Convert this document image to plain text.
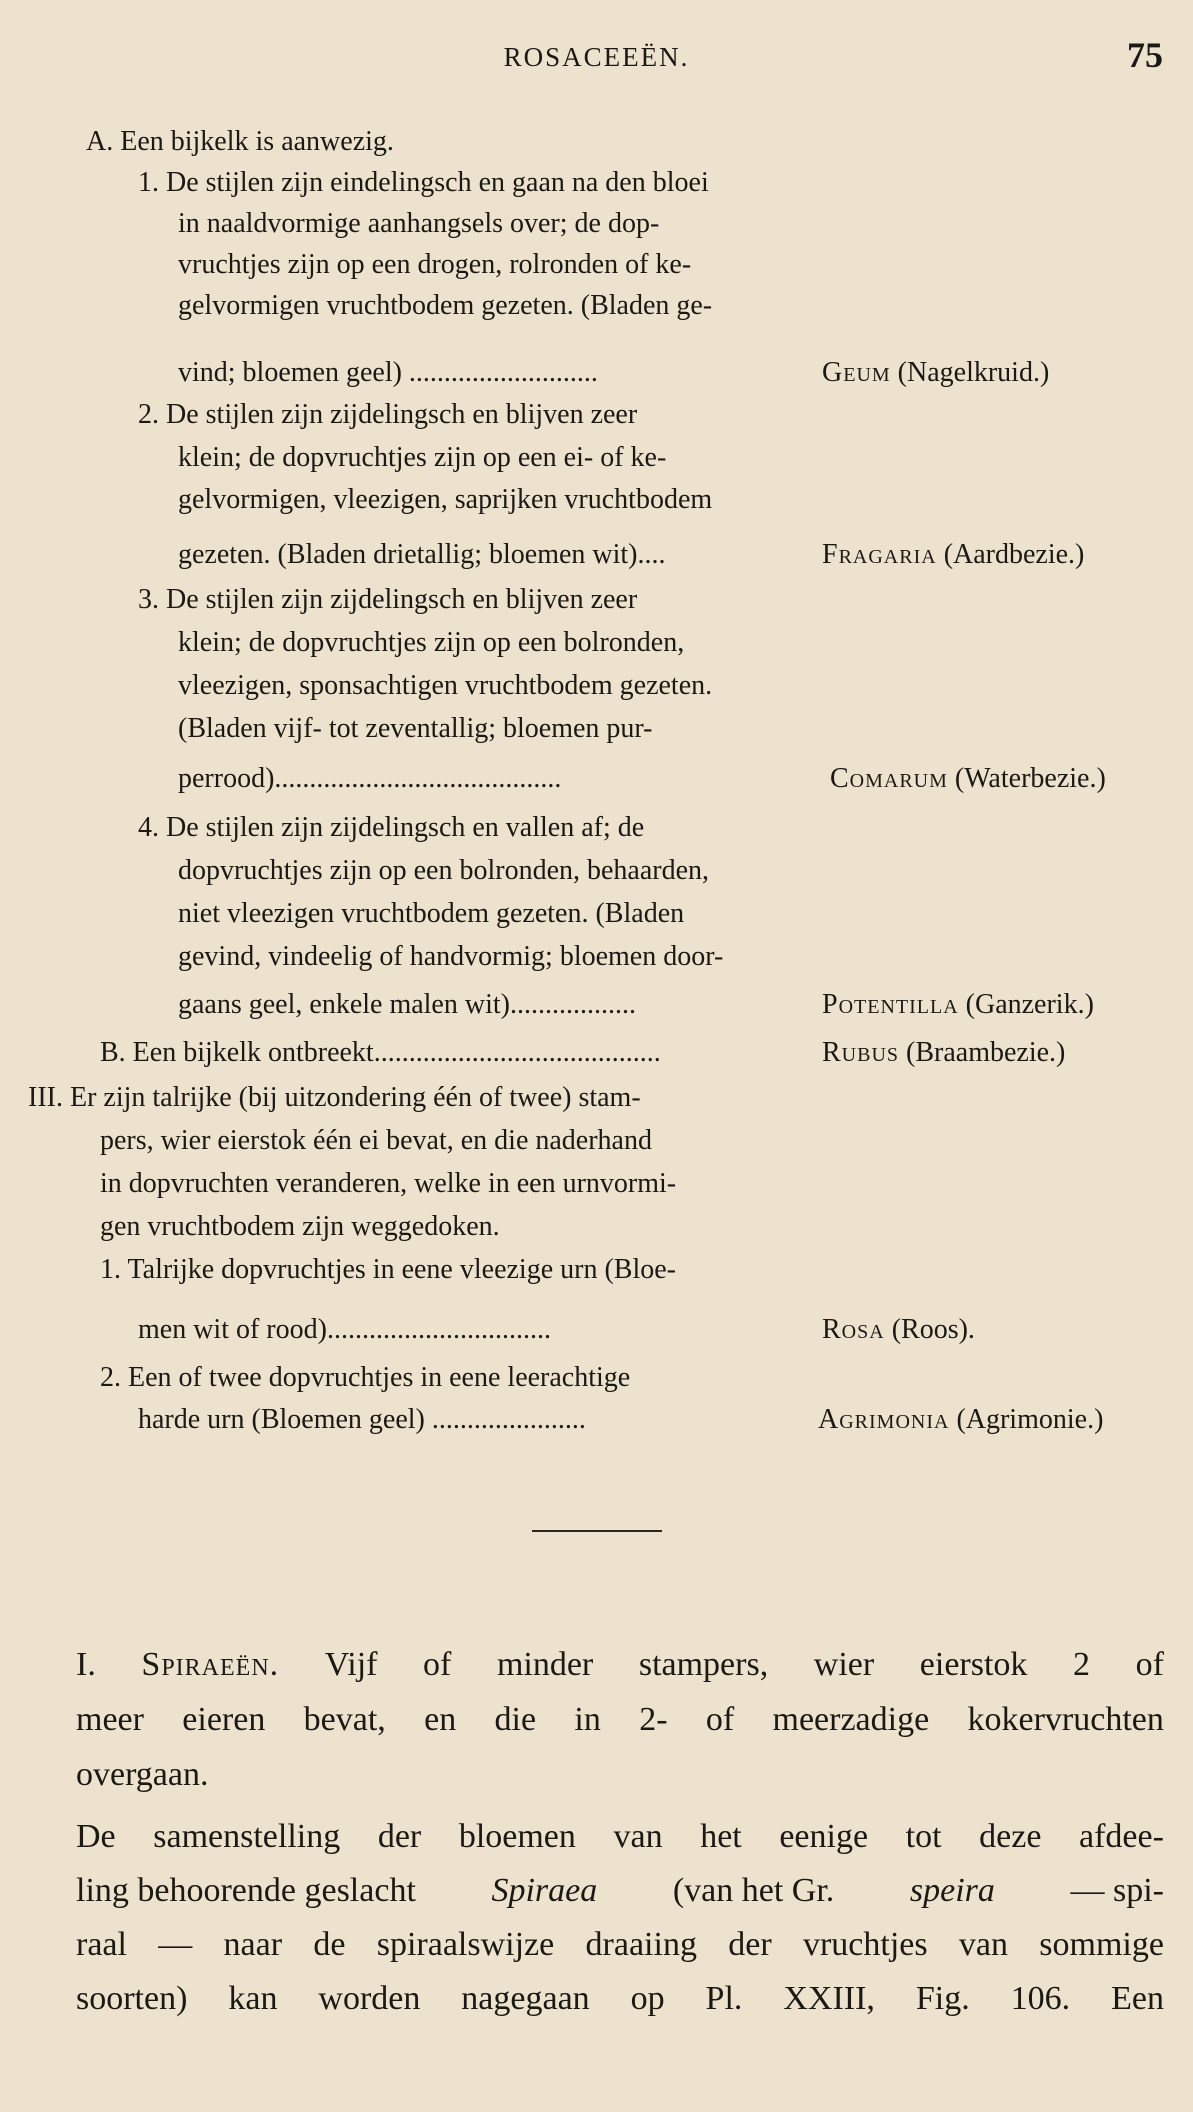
ROSACEEËN.	75
A. Een bijkelk is aanwezig.
1. De stijlen zijn eindelingsch en gaan na den bloei
in naaldvormige aanhangsels over; de dop-
vruchtjes zijn op een drogen, rolronden of ke-
gelvormigen vruchtbodem gezeten. (Bladen ge-
vind; bloemen geel) ...........................	Geum (Nagelkruid.)
2. De stijlen zijn zijdelingsch en blijven zeer
klein; de dopvruchtjes zijn op een ei- of ke-
gelvormigen, vleezigen, saprijken vruchtbodem
gezeten. (Bladen drietallig; bloemen wit)....	Fragaria (Aardbezie.)
3. De stijlen zijn zijdelingsch en blijven zeer
klein; de dopvruchtjes zijn op een bolronden,
vleezigen, sponsachtigen vruchtbodem gezeten.
(Bladen vijf- tot zeventallig; bloemen pur-
perrood).........................................	Comarum (Waterbezie.)
4. De stijlen zijn zijdelingsch en vallen af; de
dopvruchtjes zijn op een bolronden, behaarden,
niet vleezigen vruchtbodem gezeten. (Bladen
gevind, vindeelig of handvormig; bloemen door-
gaans geel, enkele malen wit)..................	Potentilla (Ganzerik.)
B. Een bijkelk ontbreekt.........................................	Rubus (Braambezie.)
III. Er zijn talrijke (bij uitzondering één of twee) stam-
pers, wier eierstok één ei bevat, en die naderhand
in dopvruchten veranderen, welke in een urnvormi-
gen vruchtbodem zijn weggedoken.
1. Talrijke dopvruchtjes in eene vleezige urn (Bloe-
men wit of rood)................................	Rosa (Roos).
2. Een of twee dopvruchtjes in eene leerachtige
harde urn (Bloemen geel) ......................	Agrimonia (Agrimonie.)
I. Spiraeën. Vijf of minder stampers, wier eierstok 2 of
meer eieren bevat, en die in 2- of meerzadige kokervruchten
overgaan.
De samenstelling der bloemen van het eenige tot deze afdee-
ling behoorende geslacht Spiraea (van het Gr. speira — spi-
raal — naar de spiraalswijze draaiing der vruchtjes van sommige
soorten) kan worden nagegaan op Pl. XXIII, Fig. 106. Een
